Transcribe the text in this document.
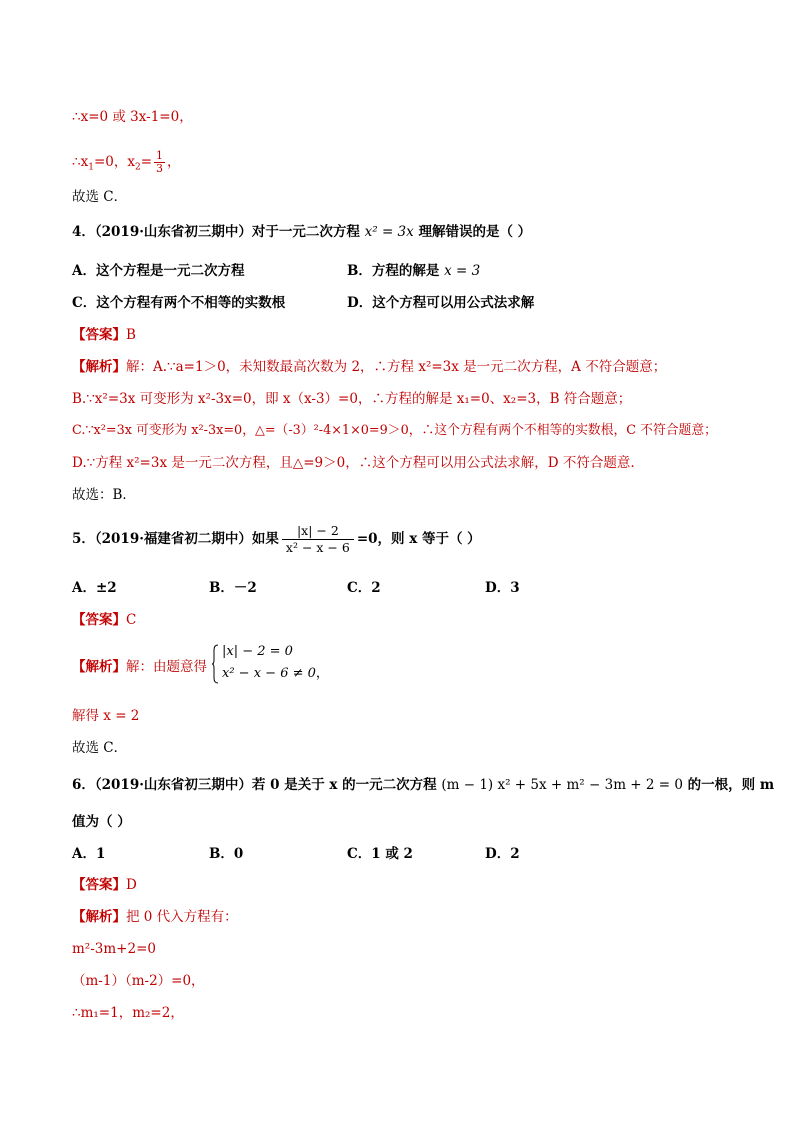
∴x=0 或 3x-1=0，
$\therefore x_1=0$，$x_2= \frac{1}{3}$ ，
故选 C．
4．（2019·山东省初三期中）对于一元二次方程 x² = 3x 理解错误的是（ ）
A．这个方程是一元二次方程	B．方程的解是 x = 3
C．这个方程有两个不相等的实数根	D．这个方程可以用公式法求解
【答案】B
【解析】解：A.∵a=1＞0，未知数最高次数为 2，∴方程 x²=3x 是一元二次方程，A 不符合题意；
B.∵x²=3x 可变形为 x²-3x=0，即 x（x-3）=0，∴方程的解是 x₁=0、x₂=3，B 符合题意；
C.∵x²=3x 可变形为 x²-3x=0，△=（-3）²-4×1×0=9＞0，∴这个方程有两个不相等的实数根，C 不符合题意；
D.∵方程 x²=3x 是一元二次方程，且△=9＞0，∴这个方程可以用公式法求解，D 不符合题意.
故选：B．
5．（2019·福建省初二期中）如果 $\frac{|x| - 2}{\text{x² − x − 6}} =0$，则 x 等于（ ）
A．±2	B．－2	C．2	D．3
【答案】C
【解析】解：由题意得
|x| − 2 = 0
x² − x − 6 ≠ 0，
解得 x = 2
故选 C．
6．（2019·山东省初三期中）若 0 是关于 x 的一元二次方程 (m − 1) x² + 5x + m² − 3m + 2 = 0 的一根，则 m
值为（ ）
A．1	B．0	C．1 或 2	D．2
【答案】D
【解析】把 0 代入方程有：
m²-3m+2=0
（m-1）（m-2）=0，
∴m₁=1，m₂=2，
